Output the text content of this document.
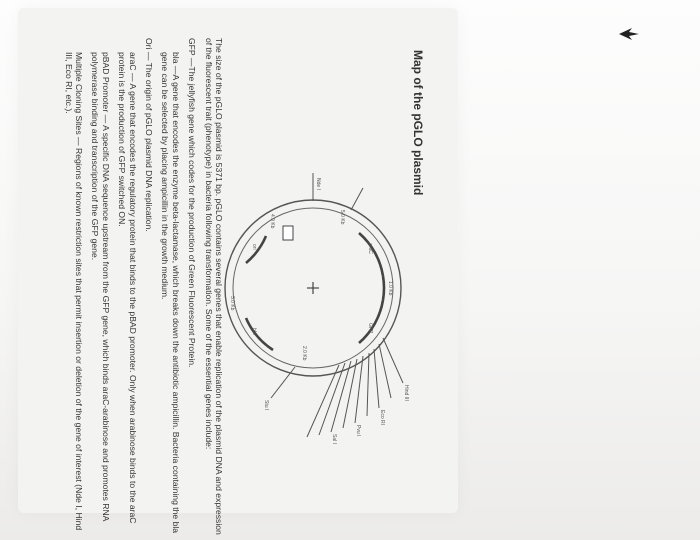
Map of the pGLO plasmid
Nde I
araC
GFP
bla
ori
Hind III
Eco RI
Pvu I
Sal I
Stu I
1.0 Kb
2.0 Kb
3.0 Kb
4.0 Kb	5.0 Kb

The size of the pGLO plasmid is 5371 bp. pGLO contains several genes that enable replication of the plasmid DNA and expression of the fluorescent trait (phenotype) in bacteria following transformation. Some of the essential genes include:

GFP —The jellyfish gene which codes for the production of Green Fluorescent Protein.

bla —A gene that encodes the enzyme beta-lactamase, which breaks down the antibiotic ampicillin. Bacteria containing the bla gene can be selected by placing ampicillin in the growth medium.

Ori — The origin of pGLO plasmid DNA replication.

araC — A gene that encodes the regulatory protein that binds to the pBAD promoter. Only when arabinose binds to the araC protein is the production of GFP switched ON.

pBAD Promoter — A specific DNA sequence upstream from the GFP gene, which binds araC-arabinose and promotes RNA polymerase binding and transcription of the GFP gene.

Multiple Cloning Sites — Regions of known restriction sites that permit insertion or deletion of the gene of interest (Nde I, Hind III, Eco RI, etc.).
